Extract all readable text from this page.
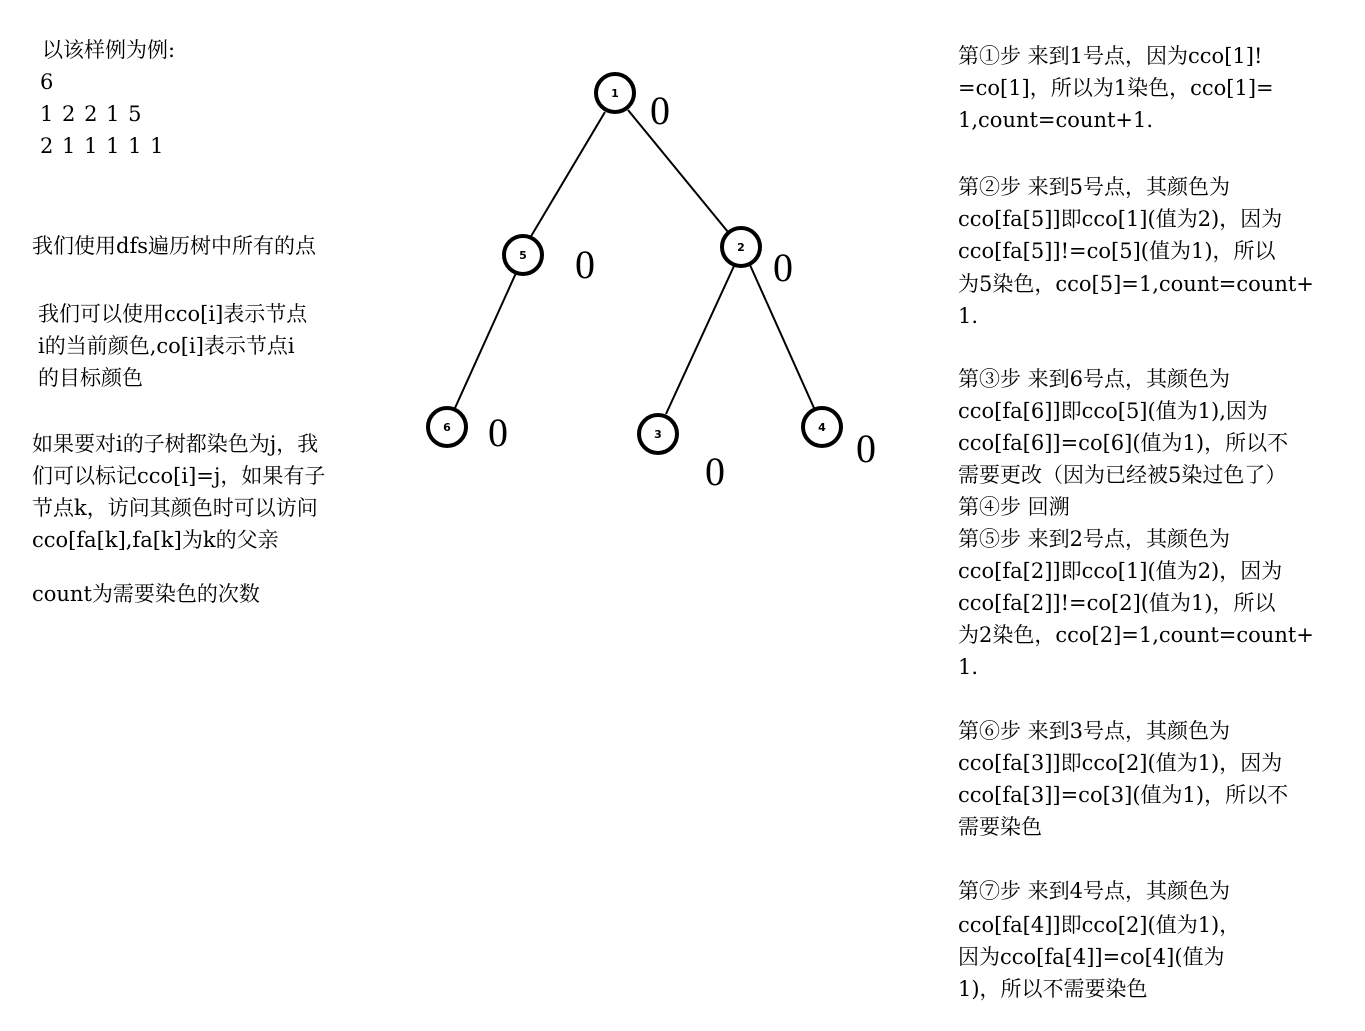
以该样例为例:
6
1 2 2 1 5
2 1 1 1 1 1
我们使用dfs遍历树中所有的点
我们可以使用cco[i]表示节点
i的当前颜色,co[i]表示节点i
的目标颜色
如果要对i的子树都染色为j，我
们可以标记cco[i]=j，如果有子
节点k，访问其颜色时可以访问
cco[fa[k],fa[k]为k的父亲
count为需要染色的次数
1 0
5 0	2 0
6 0	3
0
4 0
第①步 来到1号点，因为cco[1]!
=co[1]，所以为1染色，cco[1]=
1,count=count+1.
第②步 来到5号点，其颜色为
cco[fa[5]]即cco[1](值为2)，因为
cco[fa[5]]!=co[5](值为1)，所以
为5染色，cco[5]=1,count=count+
1.
第③步 来到6号点，其颜色为
cco[fa[6]]即cco[5](值为1),因为
cco[fa[6]]=co[6](值为1)，所以不
需要更改（因为已经被5染过色了）
第④步 回溯
第⑤步 来到2号点，其颜色为
cco[fa[2]]即cco[1](值为2)，因为
cco[fa[2]]!=co[2](值为1)，所以
为2染色，cco[2]=1,count=count+
1.
第⑥步 来到3号点，其颜色为
cco[fa[3]]即cco[2](值为1)，因为
cco[fa[3]]=co[3](值为1)，所以不
需要染色
第⑦步 来到4号点，其颜色为
cco[fa[4]]即cco[2](值为1)，
因为cco[fa[4]]=co[4](值为
1)，所以不需要染色
